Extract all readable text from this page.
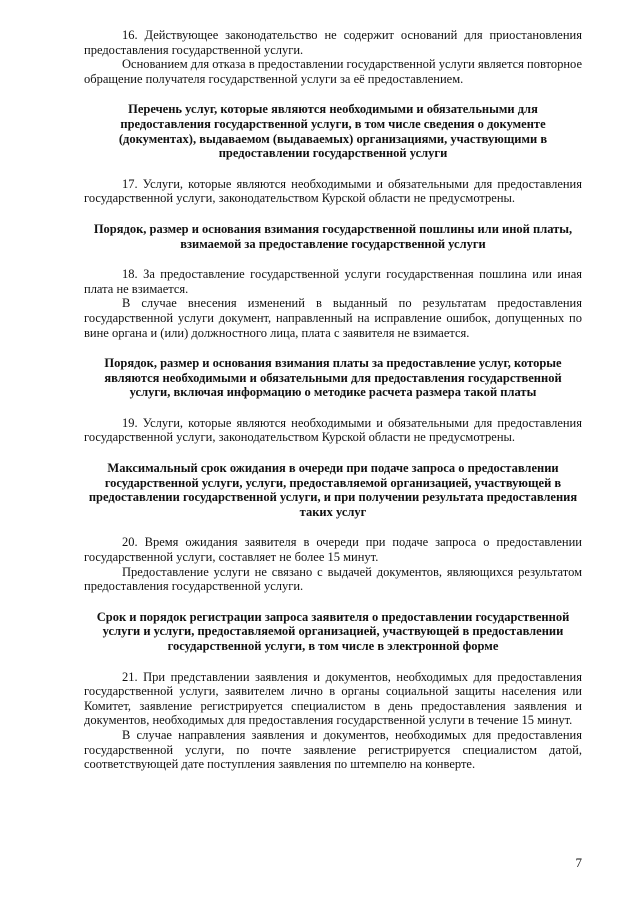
16. Действующее законодательство не содержит оснований для приостановления предоставления государственной услуги.

Основанием для отказа в предоставлении государственной услуги является повторное обращение получателя государственной услуги за её предоставлением.

Перечень услуг, которые являются необходимыми и обязательными для предоставления государственной услуги, в том числе сведения о документе (документах), выдаваемом (выдаваемых) организациями, участвующими в предоставлении государственной услуги

17. Услуги, которые являются необходимыми и обязательными для предоставления государственной услуги, законодательством Курской области не предусмотрены.

Порядок, размер и основания взимания государственной пошлины или иной платы, взимаемой за предоставление государственной услуги

18. За предоставление государственной услуги государственная пошлина или иная плата не взимается.

В случае внесения изменений в выданный по результатам предоставления государственной услуги документ, направленный на исправление ошибок, допущенных по вине органа и (или) должностного лица, плата с заявителя не взимается.

Порядок, размер и основания взимания платы за предоставление услуг, которые являются необходимыми и обязательными для предоставления государственной услуги, включая информацию о методике расчета размера такой платы

19. Услуги, которые являются необходимыми и обязательными для предоставления государственной услуги, законодательством Курской области не предусмотрены.

Максимальный срок ожидания в очереди при подаче запроса о предоставлении государственной услуги, услуги, предоставляемой организацией, участвующей в предоставлении государственной услуги, и при получении результата предоставления таких услуг

20. Время ожидания заявителя в очереди при подаче запроса о предоставлении государственной услуги, составляет не более 15 минут.

Предоставление услуги не связано с выдачей документов, являющихся результатом предоставления государственной услуги.

Срок и порядок регистрации запроса заявителя о предоставлении государственной услуги и услуги, предоставляемой организацией, участвующей в предоставлении государственной услуги, в том числе в электронной форме

21. При представлении заявления и документов, необходимых для предоставления государственной услуги, заявителем лично в органы социальной защиты населения или Комитет, заявление регистрируется специалистом в день предоставления заявления и документов, необходимых для предоставления государственной услуги в течение 15 минут.

В случае направления заявления и документов, необходимых для предоставления государственной услуги, по почте заявление регистрируется специалистом датой, соответствующей дате поступления заявления по штемпелю на конверте.

7
